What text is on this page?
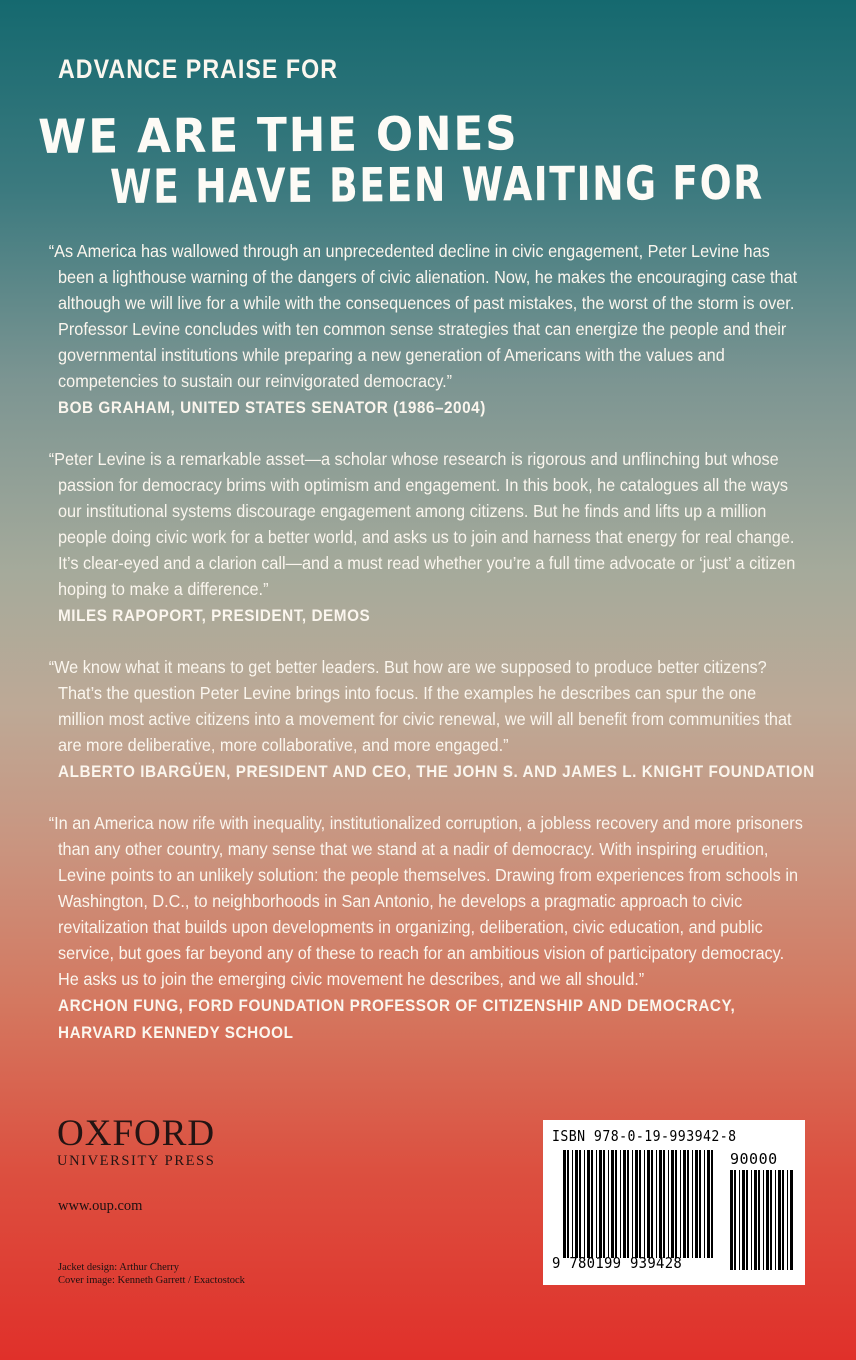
ADVANCE PRAISE FOR
WE ARE THE ONES
WE HAVE BEEN WAITING FOR

“As America has wallowed through an unprecedented decline in civic engagement, Peter Levine has been a lighthouse warning of the dangers of civic alienation. Now, he makes the encouraging case that although we will live for a while with the consequences of past mistakes, the worst of the storm is over. Professor Levine concludes with ten common sense strategies that can energize the people and their governmental institutions while preparing a new generation of Americans with the values and competencies to sustain our reinvigorated democracy.”

BOB GRAHAM, UNITED STATES SENATOR (1986–2004)

“Peter Levine is a remarkable asset—a scholar whose research is rigorous and unflinching but whose passion for democracy brims with optimism and engagement. In this book, he catalogues all the ways our institutional systems discourage engagement among citizens. But he finds and lifts up a million people doing civic work for a better world, and asks us to join and harness that energy for real change. It’s clear-eyed and a clarion call—and a must read whether you’re a full time advocate or ‘just’ a citizen hoping to make a difference.”

MILES RAPOPORT, PRESIDENT, DEMOS

“We know what it means to get better leaders. But how are we supposed to produce better citizens? That’s the question Peter Levine brings into focus. If the examples he describes can spur the one million most active citizens into a movement for civic renewal, we will all benefit from communities that are more deliberative, more collaborative, and more engaged.”

ALBERTO IBARGÜEN, PRESIDENT AND CEO, THE JOHN S. AND JAMES L. KNIGHT FOUNDATION

“In an America now rife with inequality, institutionalized corruption, a jobless recovery and more prisoners than any other country, many sense that we stand at a nadir of democracy. With inspiring erudition, Levine points to an unlikely solution: the people themselves. Drawing from experiences from schools in Washington, D.C., to neighborhoods in San Antonio, he develops a pragmatic approach to civic revitalization that builds upon developments in organizing, deliberation, civic education, and public service, but goes far beyond any of these to reach for an ambitious vision of participatory democracy. He asks us to join the emerging civic movement he describes, and we all should.”

ARCHON FUNG, FORD FOUNDATION PROFESSOR OF CITIZENSHIP AND DEMOCRACY,
HARVARD KENNEDY SCHOOL
OXFORD
UNIVERSITY PRESS
www.oup.com
Jacket design: Arthur Cherry
Cover image: Kenneth Garrett / Exactostock
ISBN 978-0-19-993942-8
90000
9 780199 939428
